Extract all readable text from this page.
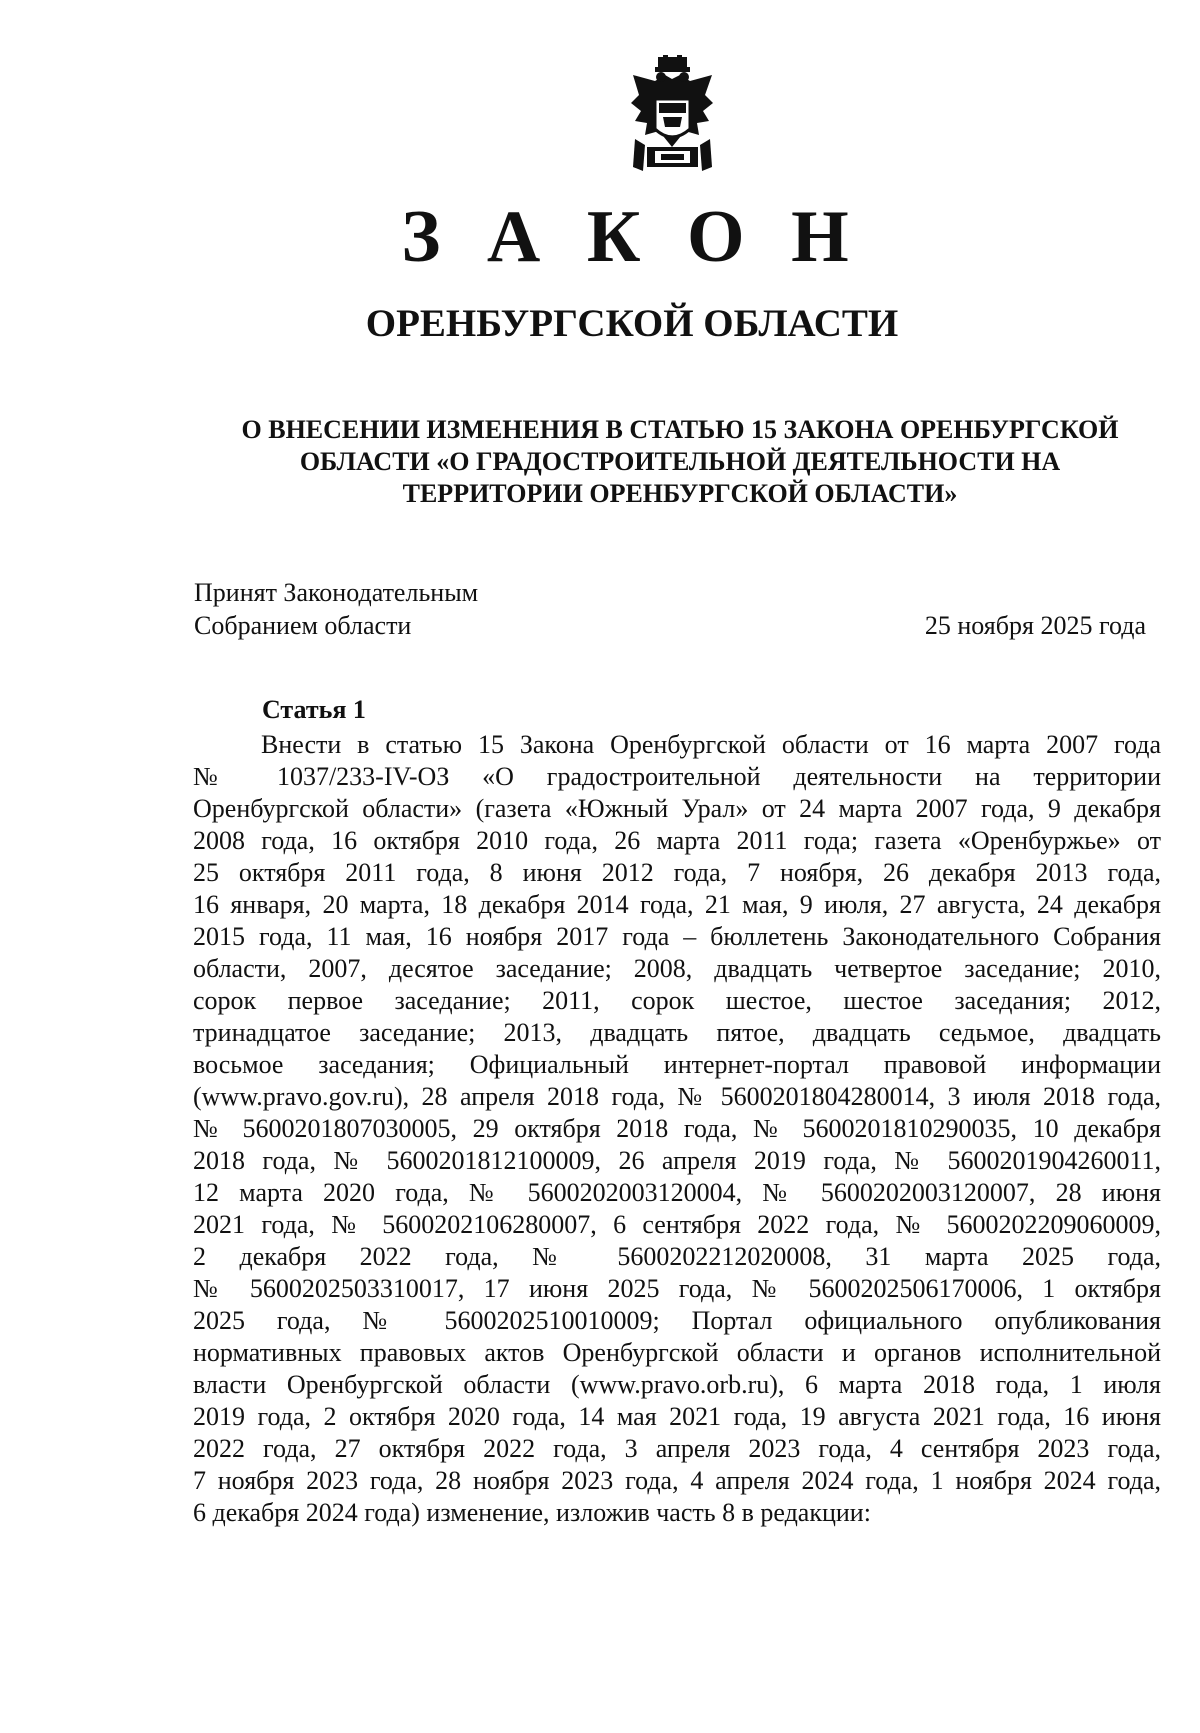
З А К О Н
ОРЕНБУРГСКОЙ ОБЛАСТИ
О ВНЕСЕНИИ ИЗМЕНЕНИЯ В СТАТЬЮ 15 ЗАКОНА ОРЕНБУРГСКОЙ
ОБЛАСТИ «О ГРАДОСТРОИТЕЛЬНОЙ ДЕЯТЕЛЬНОСТИ НА
ТЕРРИТОРИИ ОРЕНБУРГСКОЙ ОБЛАСТИ»
Принят Законодательным
Собранием области	25 ноября 2025 года
Статья 1
Внести в статью 15 Закона Оренбургской области от 16 марта 2007 года
№ 1037/233-IV-ОЗ «О градостроительной деятельности на территории
Оренбургской области» (газета «Южный Урал» от 24 марта 2007 года, 9 декабря
2008 года, 16 октября 2010 года, 26 марта 2011 года; газета «Оренбуржье» от
25 октября 2011 года, 8 июня 2012 года, 7 ноября, 26 декабря 2013 года,
16 января, 20 марта, 18 декабря 2014 года, 21 мая, 9 июля, 27 августа, 24 декабря
2015 года, 11 мая, 16 ноября 2017 года – бюллетень Законодательного Собрания
области, 2007, десятое заседание; 2008, двадцать четвертое заседание; 2010,
сорок первое заседание; 2011, сорок шестое, шестое заседания; 2012,
тринадцатое заседание; 2013, двадцать пятое, двадцать седьмое, двадцать
восьмое заседания; Официальный интернет-портал правовой информации
(www.pravo.gov.ru), 28 апреля 2018 года, № 5600201804280014, 3 июля 2018 года,
№ 5600201807030005, 29 октября 2018 года, № 5600201810290035, 10 декабря
2018 года, № 5600201812100009, 26 апреля 2019 года, № 5600201904260011,
12 марта 2020 года, № 5600202003120004, № 5600202003120007, 28 июня
2021 года, № 5600202106280007, 6 сентября 2022 года, № 5600202209060009,
2 декабря 2022 года, № 5600202212020008, 31 марта 2025 года,
№ 5600202503310017, 17 июня 2025 года, № 5600202506170006, 1 октября
2025 года, № 5600202510010009; Портал официального опубликования
нормативных правовых актов Оренбургской области и органов исполнительной
власти Оренбургской области (www.pravo.orb.ru), 6 марта 2018 года, 1 июля
2019 года, 2 октября 2020 года, 14 мая 2021 года, 19 августа 2021 года, 16 июня
2022 года, 27 октября 2022 года, 3 апреля 2023 года, 4 сентября 2023 года,
7 ноября 2023 года, 28 ноября 2023 года, 4 апреля 2024 года, 1 ноября 2024 года,
6 декабря 2024 года) изменение, изложив часть 8 в редакции:
